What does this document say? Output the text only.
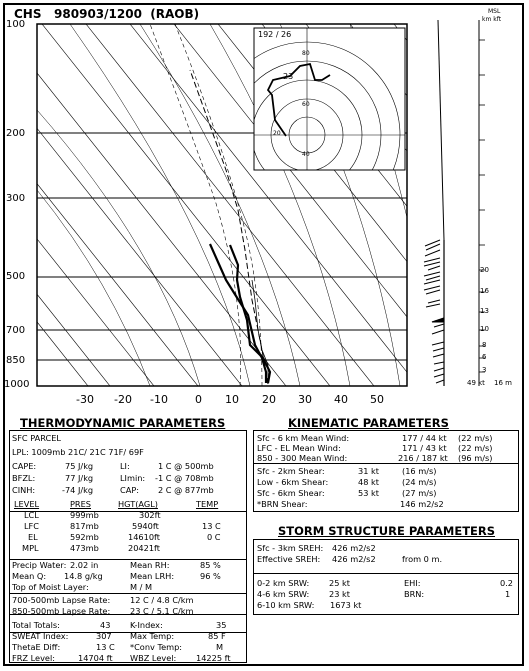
CHS 980903/1200 (RAOB)
100
200
300
500
700
850
1000
-30 -20 -10 0 10 20 30 40 50
192 / 26
23
80
60
20
40
MSL
km kft
20
16
13
10
8
6
3
49 kt 16 m
THERMODYNAMIC PARAMETERS
SFC PARCEL
LPL: 1009mb 21C/ 21C 71F/ 69F
CAPE:	75 J/kg	LI:	1 C @ 500mb
BFZL:	77 J/kg	LImin: -1 C @ 708mb
CINH:	-74 J/kg	CAP: 2 C @ 877mb
LEVEL	PRES	HGT(AGL)	TEMP
LCL	999mb	302ft
LFC	817mb	5940ft	13 C
EL	592mb	14610ft	0 C
MPL	473mb	20421ft
Precip Water: 2.02 in	Mean RH:	85 %
Mean Q: 14.8 g/kg	Mean LRH:	96 %
Top of Moist Layer:	M / M
700-500mb Lapse Rate: 12 C / 4.8 C/km
850-500mb Lapse Rate: 23 C / 5.1 C/km
Total Totals:	43 K-Index:	35
SWEAT Index:	307 Max Temp:	85 F
ThetaE Diff:	13 C *Conv Temp:	M
FRZ Level:	14704 ft WBZ Level: 14225 ft
KINEMATIC PARAMETERS
Sfc - 6 km Mean Wind:	177 / 44 kt (22 m/s)
LFC - EL Mean Wind:	171 / 43 kt (22 m/s)
850 - 300 Mean Wind:	216 / 187 kt (96 m/s)
Sfc - 2km Shear:	31 kt	(16 m/s)
Low - 6km Shear:	48 kt	(24 m/s)
Sfc - 6km Shear:	53 kt	(27 m/s)
*BRN Shear:	146 m2/s2
STORM STRUCTURE PARAMETERS
Sfc - 3km SREH: 426 m2/s2
Effective SREH: 426 m2/s2	from 0 m.
0-2 km SRW: 25 kt	EHI:	0.2
4-6 km SRW: 23 kt	BRN:	1
6-10 km SRW: 1673 kt
